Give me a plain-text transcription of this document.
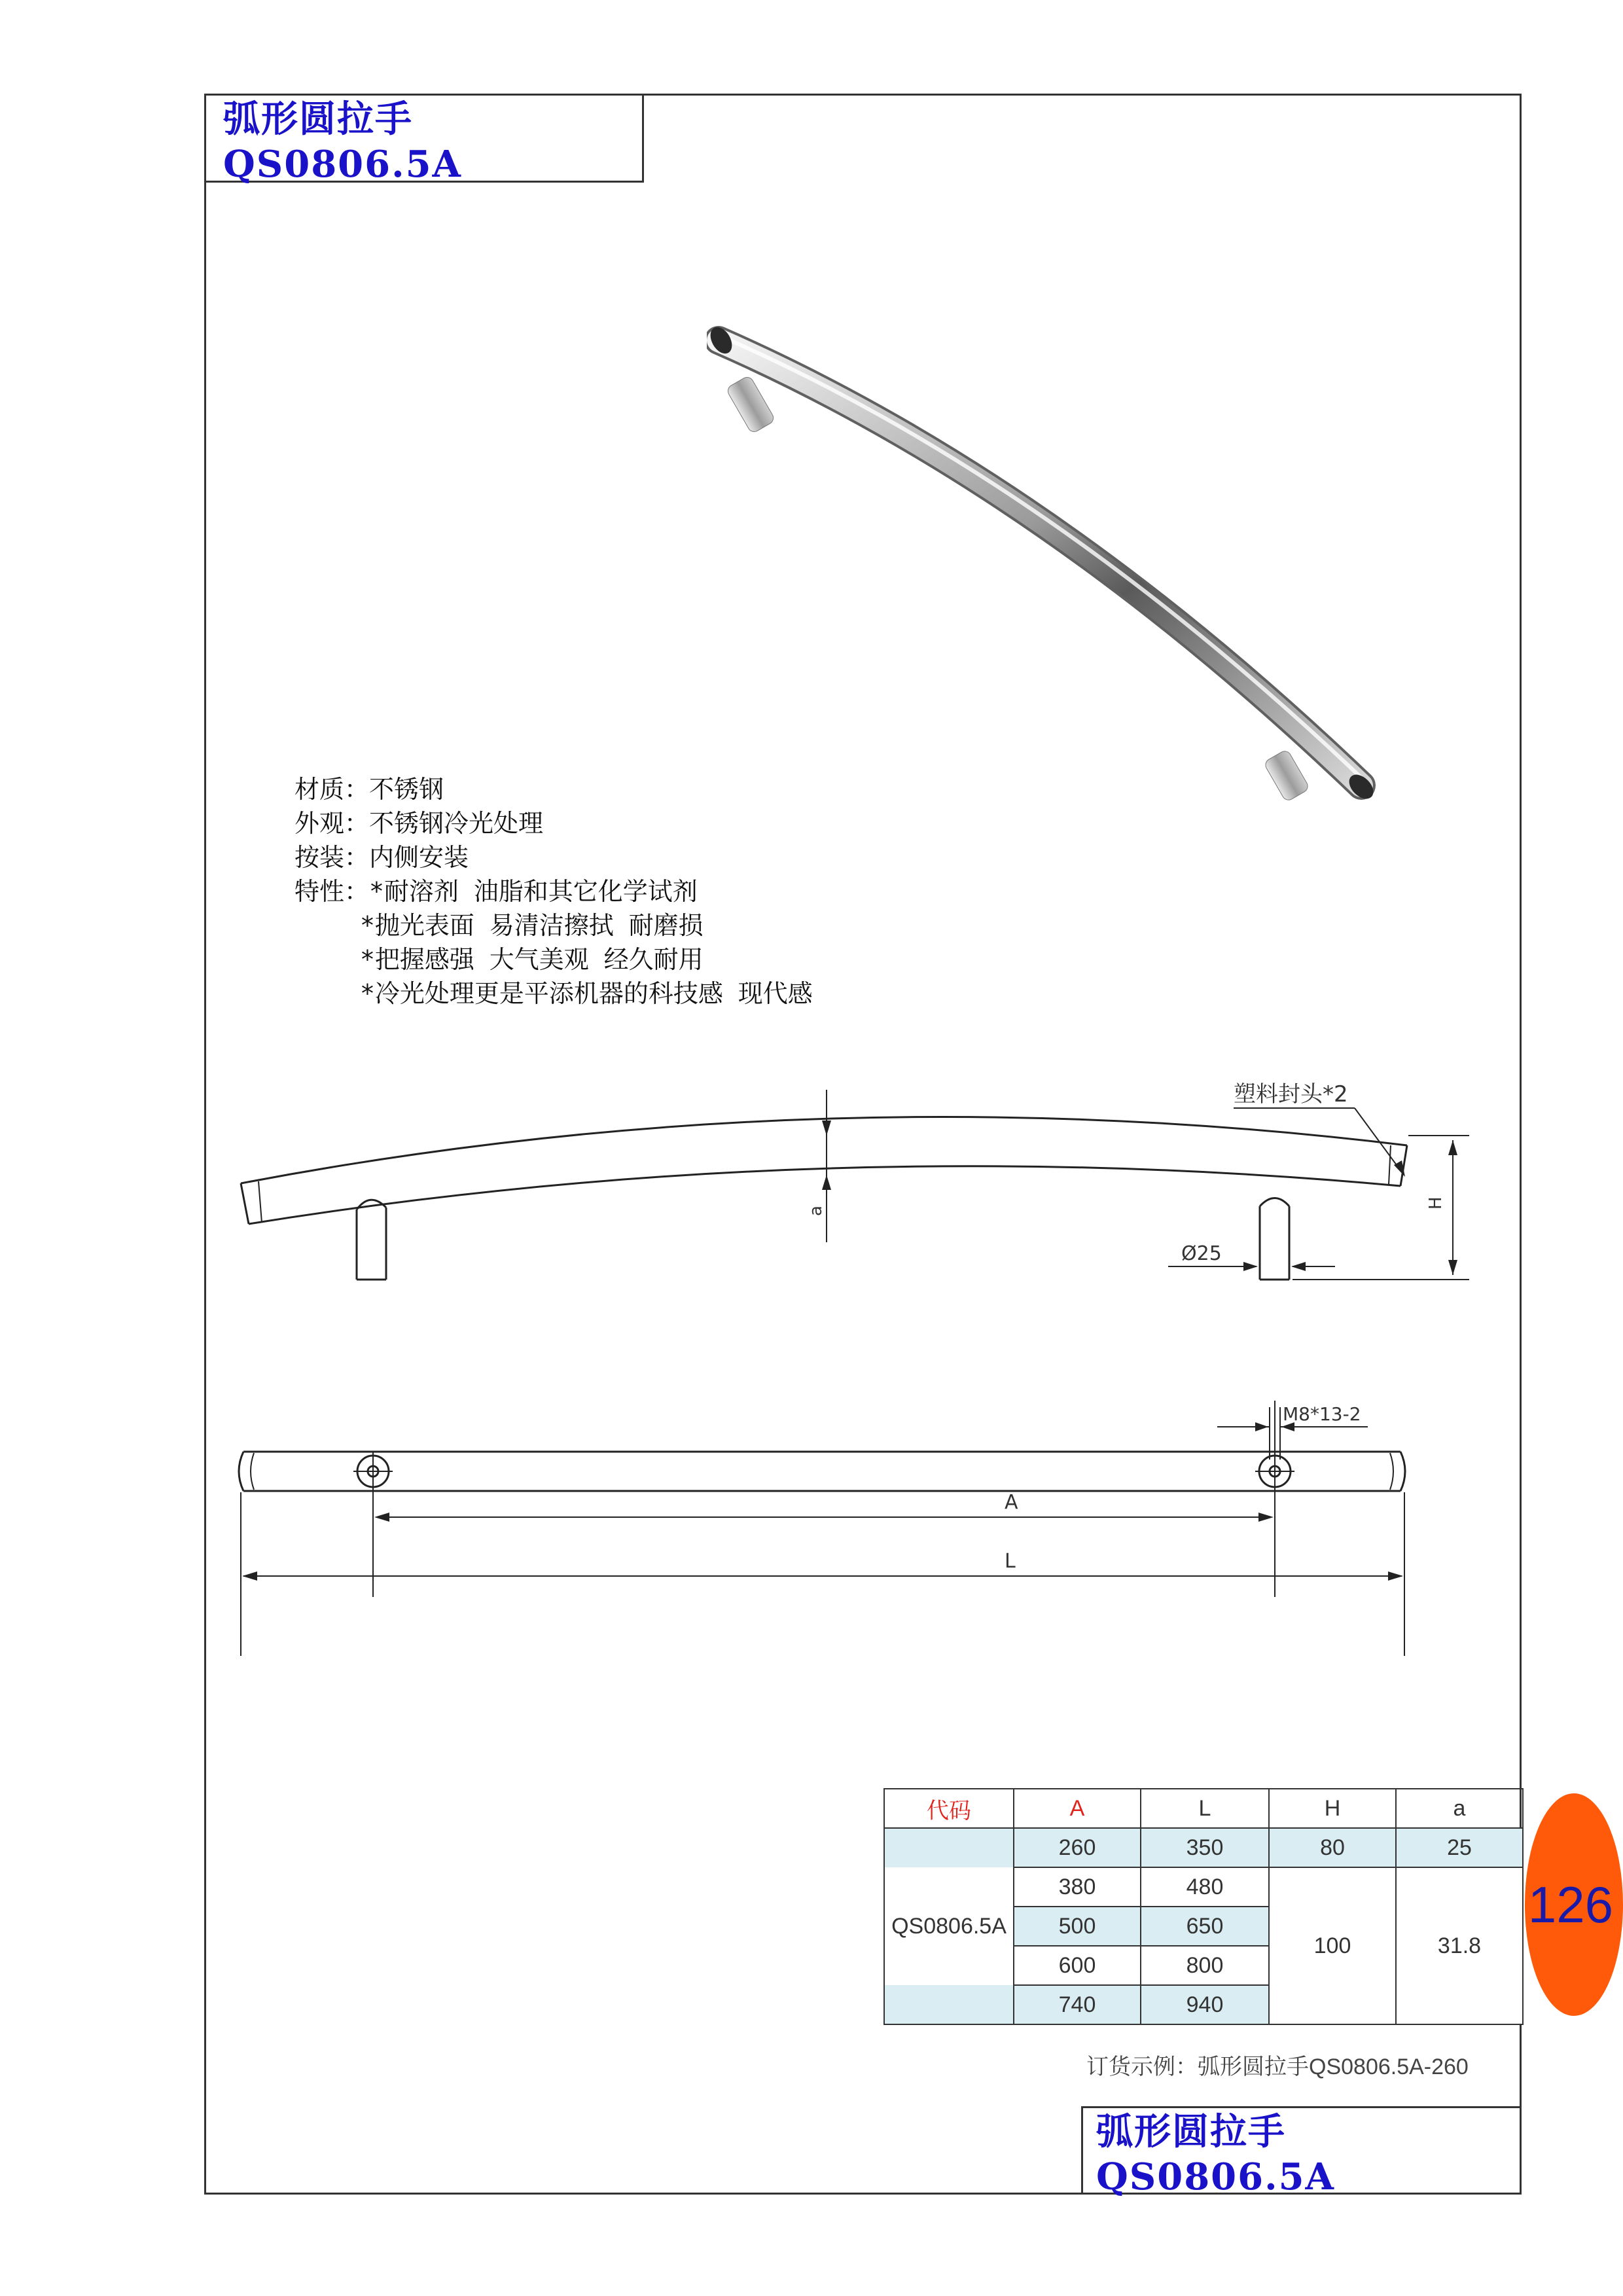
弧形圆拉手 QS0806.5A
材质：不锈钢
外观：不锈钢冷光处理
按装：内侧安装
特性：*耐溶剂 油脂和其它化学试剂
*抛光表面 易清洁擦拭 耐磨损
*把握感强 大气美观 经久耐用
*冷光处理更是平添机器的科技感 现代感
塑料封头*2
a
H
Ø25
M8*13-2
A
L
代码	A	L	H	a
	260	350	80	25
QS0806.5A	380	480	100	31.8
	500	650		
	600	800		
	740	940		
126
订货示例：弧形圆拉手QS0806.5A-260
弧形圆拉手 QS0806.5A
